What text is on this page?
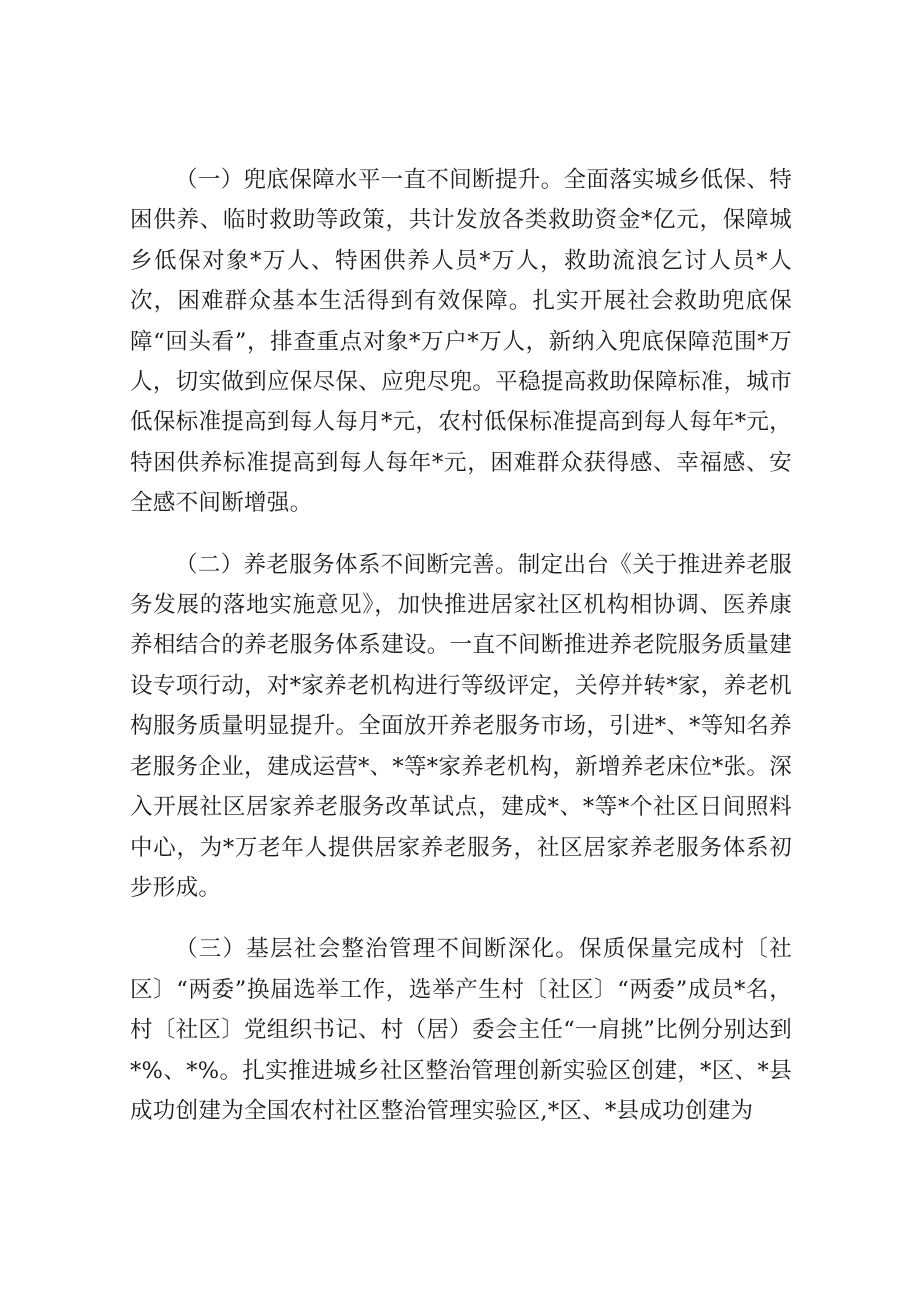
（一）兜底保障水平一直不间断提升。全面落实城乡低保、特困供养、临时救助等政策，共计发放各类救助资金*亿元，保障城乡低保对象*万人、特困供养人员*万人，救助流浪乞讨人员*人次，困难群众基本生活得到有效保障。扎实开展社会救助兜底保障“回头看”，排查重点对象*万户*万人，新纳入兜底保障范围*万人，切实做到应保尽保、应兜尽兜。平稳提高救助保障标准，城市低保标准提高到每人每月*元，农村低保标准提高到每人每年*元，特困供养标准提高到每人每年*元，困难群众获得感、幸福感、安全感不间断增强。

（二）养老服务体系不间断完善。制定出台《关于推进养老服务发展的落地实施意见》，加快推进居家社区机构相协调、医养康养相结合的养老服务体系建设。一直不间断推进养老院服务质量建设专项行动，对*家养老机构进行等级评定，关停并转*家，养老机构服务质量明显提升。全面放开养老服务市场，引进*、*等知名养老服务企业，建成运营*、*等*家养老机构，新增养老床位*张。深入开展社区居家养老服务改革试点，建成*、*等*个社区日间照料中心，为*万老年人提供居家养老服务，社区居家养老服务体系初步形成。

（三）基层社会整治管理不间断深化。保质保量完成村〔社区〕“两委”换届选举工作，选举产生村〔社区〕“两委”成员*名，村〔社区〕党组织书记、村（居）委会主任“一肩挑”比例分别达到*%、*%。扎实推进城乡社区整治管理创新实验区创建，*区、*县成功创建为全国农村社区整治管理实验区,*区、*县成功创建为
